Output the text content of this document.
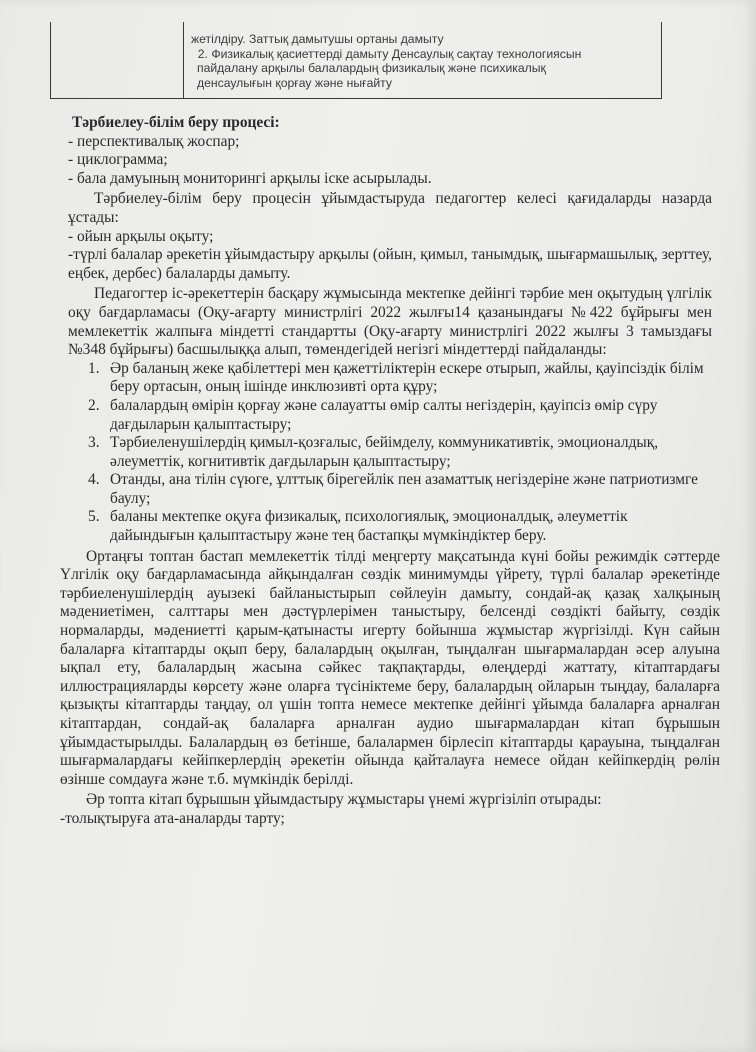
жетілдіру. Заттық дамытушы ортаны дамыту
2. Физикалық қасиеттерді дамыту Денсаулық сақтау технологиясын
пайдалану арқылы балалардың физикалық және психикалық
денсаулығын қорғау және нығайту

Тәрбиелеу-білім беру процесі:

- перспективалық жоспар;

- циклограмма;

- бала дамуының мониторингі арқылы іске асырылады.

Тәрбиелеу-білім беру процесін ұйымдастыруда педагогтер келесі қағидаларды назарда ұстады:

- ойын арқылы оқыту;

-түрлі балалар әрекетін ұйымдастыру арқылы (ойын, қимыл, танымдық, шығармашылық, зерттеу, еңбек, дербес) балаларды дамыту.

Педагогтер іс-әрекеттерін басқару жұмысында мектепке дейінгі тәрбие мен оқытудың үлгілік оқу бағдарламасы (Оқу-ағарту министрлігі 2022 жылғы14 қазанындағы №422 бұйрығы мен мемлекеттік жалпыға міндетті стандартты (Оқу-ағарту министрлігі 2022 жылғы 3 тамыздағы №348 бұйрығы) басшылыққа алып, төмендегідей негізгі міндеттерді пайдаланды:

1. Әр баланың жеке қабілеттері мен қажеттіліктерін ескере отырып, жайлы, қауіпсіздік білім беру ортасын, оның ішінде инклюзивті орта құру;
2. балалардың өмірін қорғау және салауатты өмір салты негіздерін, қауіпсіз өмір сүру дағдыларын қалыптастыру;
3. Тәрбиеленушілердің қимыл-қозғалыс, бейімделу, коммуникативтік, эмоционалдық, әлеуметтік, когнитивтік дағдыларын қалыптастыру;
4. Отанды, ана тілін сүюге, ұлттық бірегейлік пен азаматтық негіздеріне және патриотизмге баулу;
5. баланы мектепке оқуға физикалық, психологиялық, эмоционалдық, әлеуметтік дайындығын қалыптастыру және тең бастапқы мүмкіндіктер беру.

Ортаңғы топтан бастап мемлекеттік тілді меңгерту мақсатында күні бойы режимдік сәттерде Үлгілік оқу бағдарламасында айқындалған сөздік минимумды үйрету, түрлі балалар әрекетінде тәрбиеленушілердің ауызекі байланыстырып сөйлеуін дамыту, сондай-ақ қазақ халқының мәдениетімен, салттары мен дәстүрлерімен таныстыру, белсенді сөздікті байыту, сөздік нормаларды, мәдениетті қарым-қатынасты игерту бойынша жұмыстар жүргізілді. Күн сайын балаларға кітаптарды оқып беру, балалардың оқылған, тыңдалған шығармалардан әсер алуына ықпал ету, балалардың жасына сәйкес тақпақтарды, өлеңдерді жаттату, кітаптардағы иллюстрацияларды көрсету және оларға түсініктеме беру, балалардың ойларын тыңдау, балаларға қызықты кітаптарды таңдау, ол үшін топта немесе мектепке дейінгі ұйымда балаларға арналған кітаптардан, сондай-ақ балаларға арналған аудио шығармалардан кітап бұрышын ұйымдастырылды. Балалардың өз бетінше, балалармен бірлесіп кітаптарды қарауына, тыңдалған шығармалардағы кейіпкерлердің әрекетін ойында қайталауға немесе ойдан кейіпкердің рөлін өзінше сомдауға және т.б. мүмкіндік берілді.

Әр топта кітап бұрышын ұйымдастыру жұмыстары үнемі жүргізіліп отырады:

-толықтыруға ата-аналарды тарту;
